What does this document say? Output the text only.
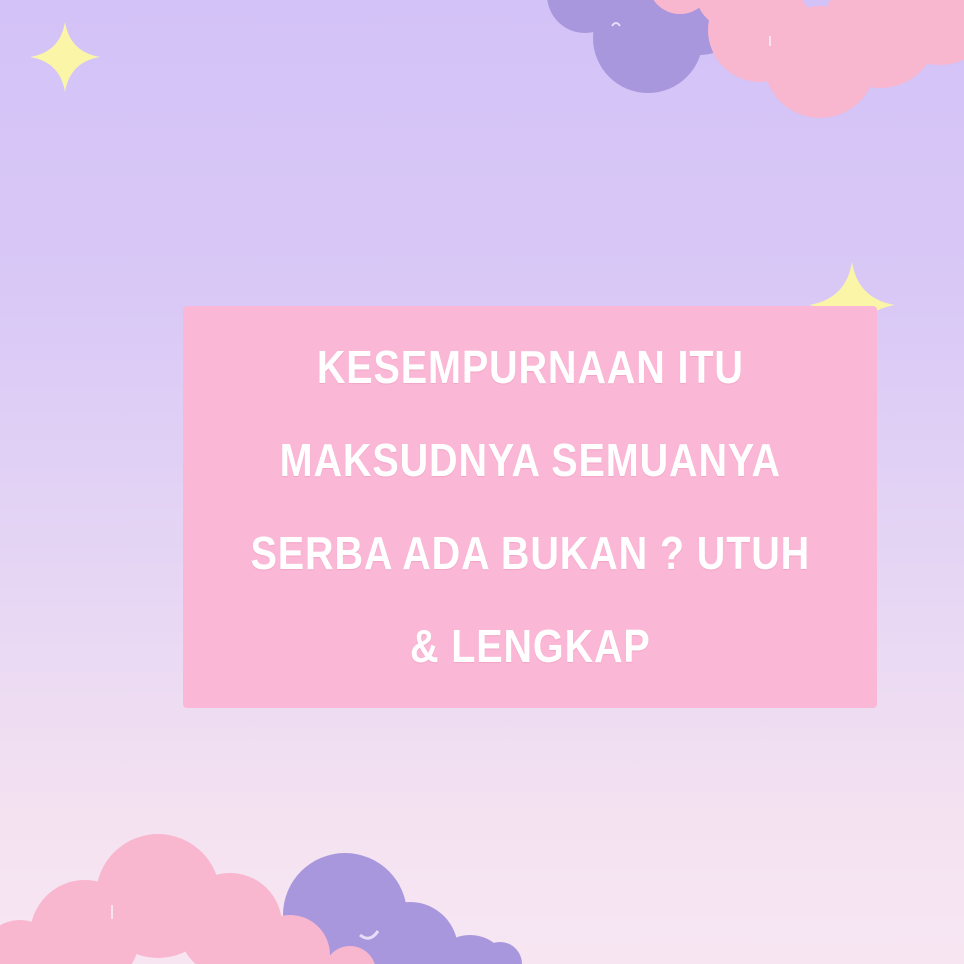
KESEMPURNAAN ITU
MAKSUDNYA SEMUANYA
SERBA ADA BUKAN ? UTUH
& LENGKAP
